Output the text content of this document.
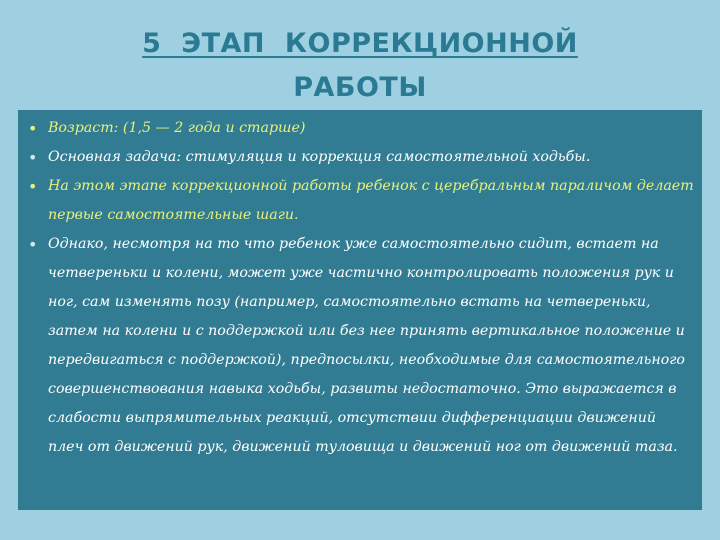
5 ЭТАП КОРРЕКЦИОННОЙ
РАБОТЫ
• Возраст: (1,5 — 2 года и старше)
• Основная задача: стимуляция и коррекция самостоятельной ходьбы.
• На этом этапе коррекционной работы ребенок с церебральным параличом делает первые самостоятельные шаги.
• Однако, несмотря на то что ребенок уже самостоятельно сидит, встает на четвереньки и колени, может уже частично контролировать положения рук и ног, сам изменять позу (например, самостоятельно встать на четвереньки, затем на колени и с поддержкой или без нее принять вертикальное положение и передвигаться с поддержкой), предпосылки, необходимые для самостоятельного совершенствования навыка ходьбы, развиты недостаточно. Это выражается в слабости выпрямительных реакций, отсутствии дифференциации движений плеч от движений рук, движений туловища и движений ног от движений таза.
